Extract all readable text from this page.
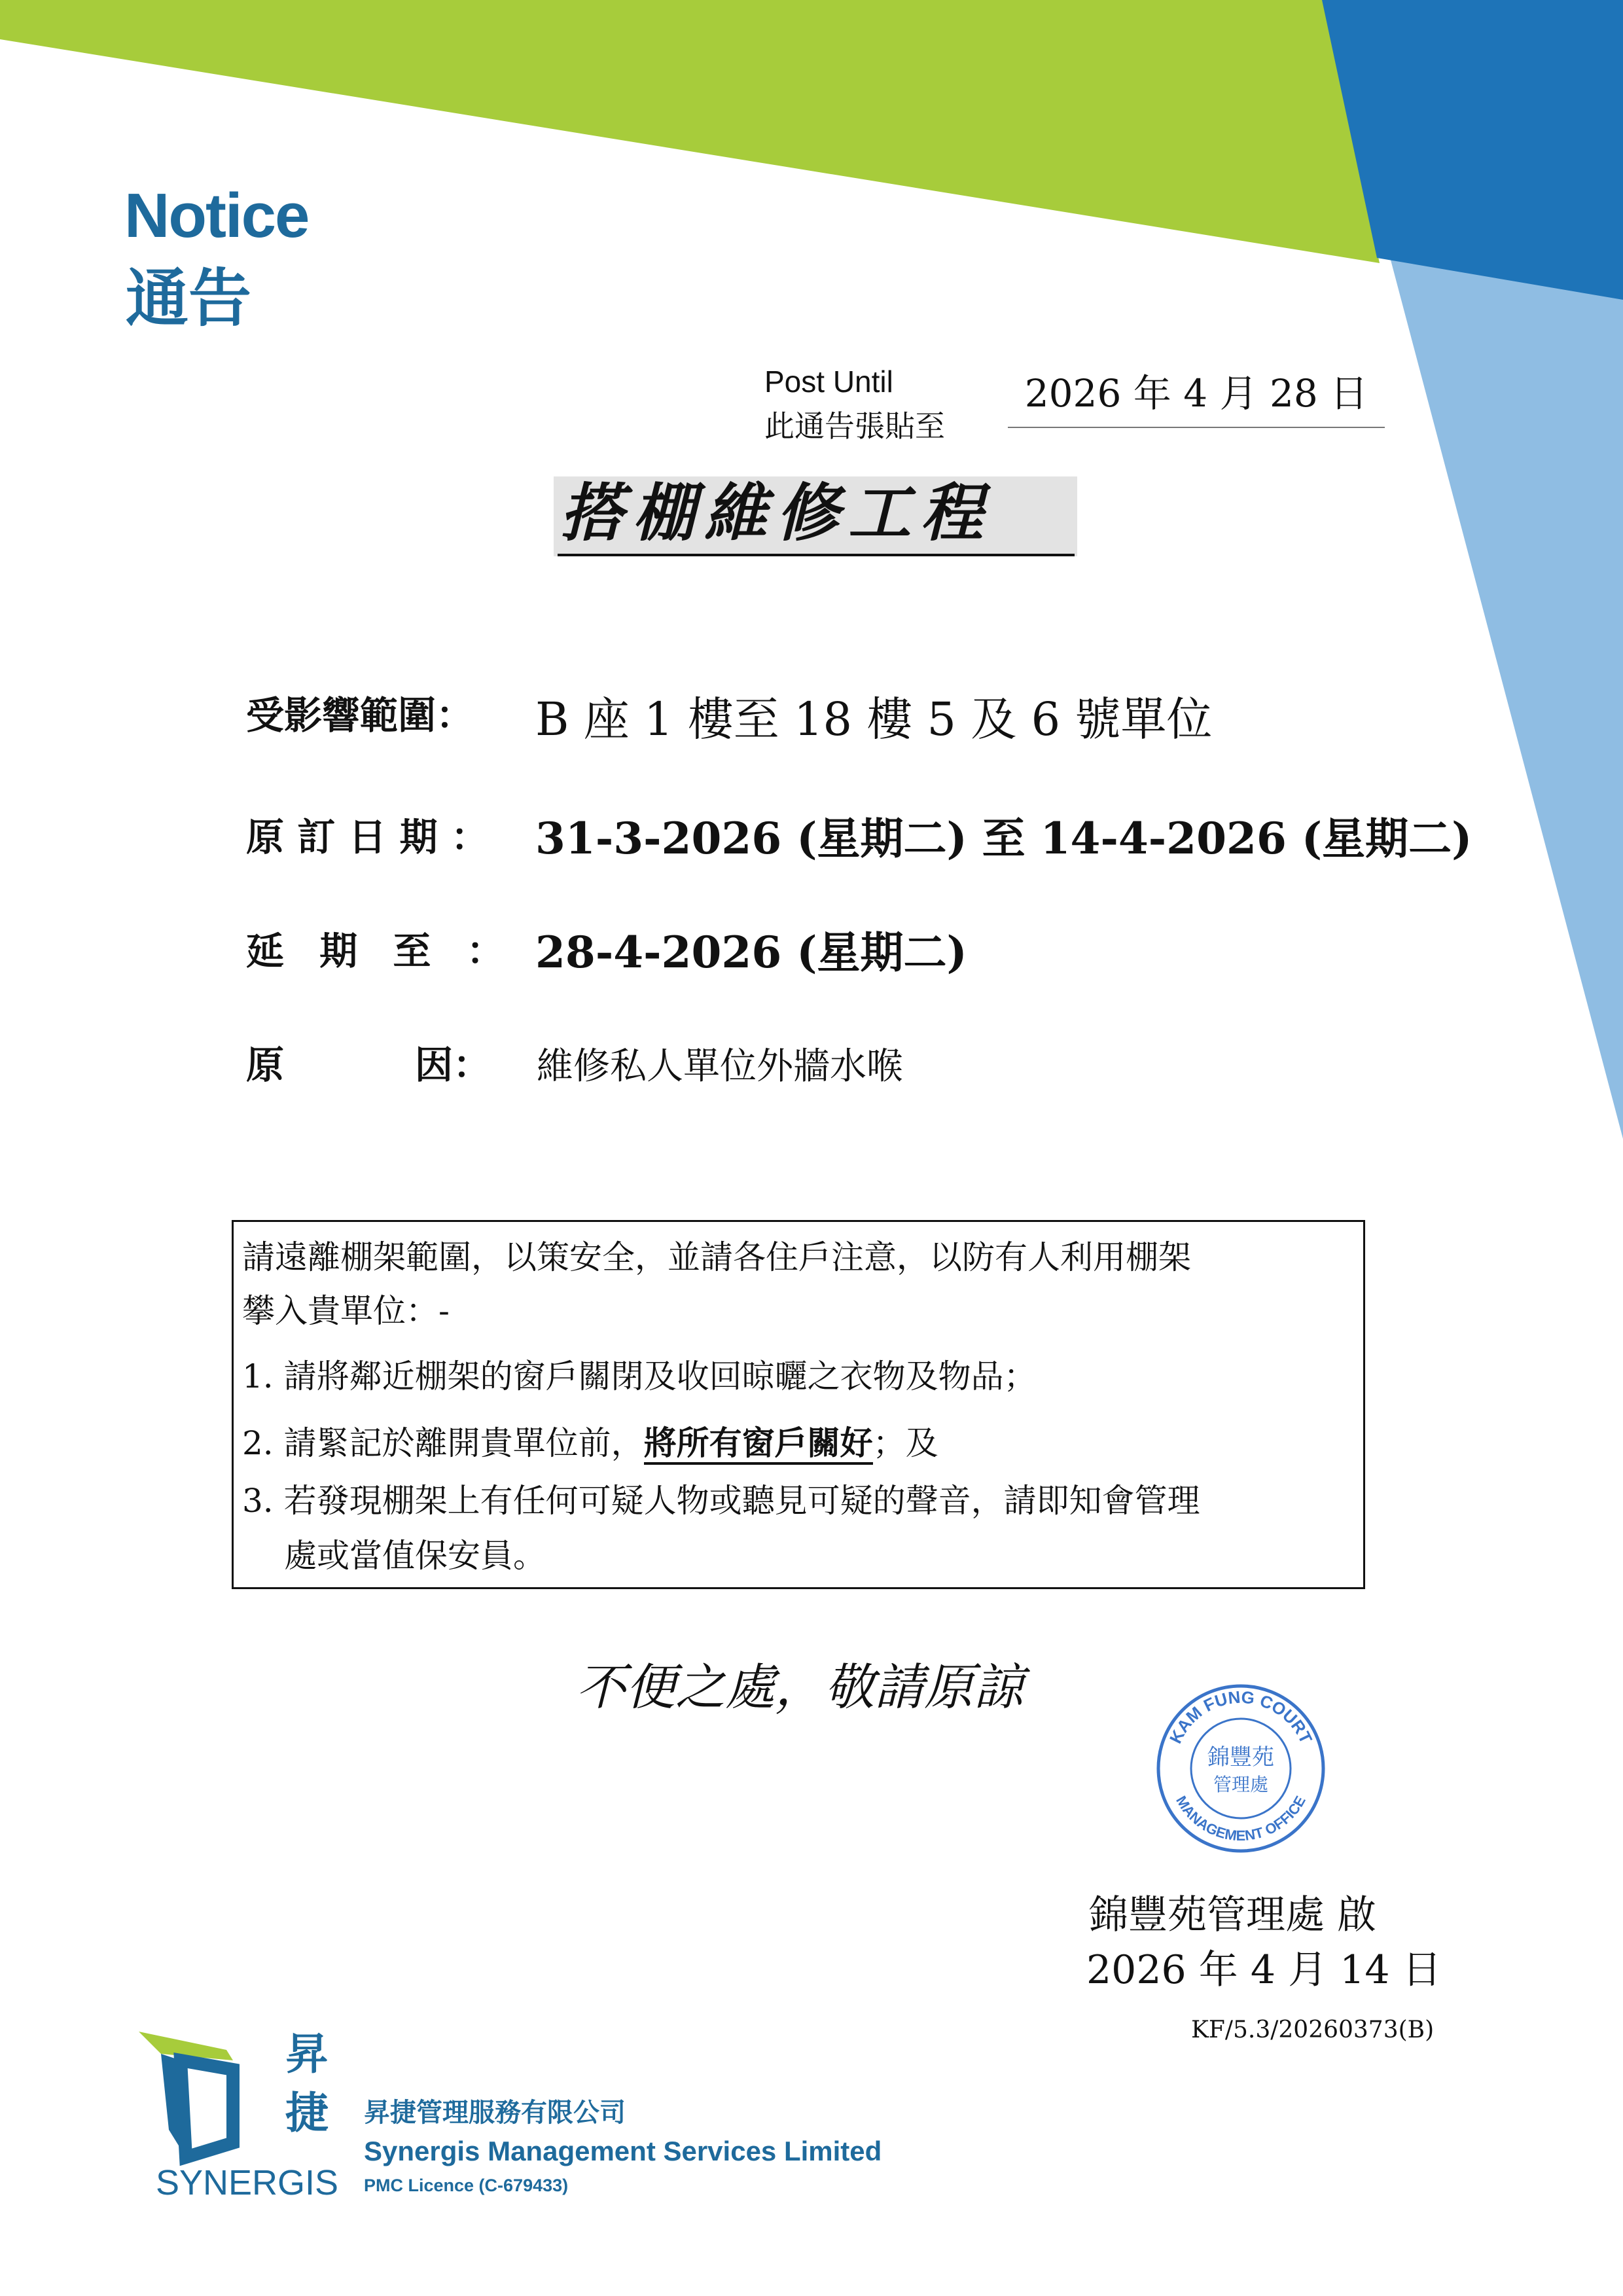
Notice
通告
Post Until
此通告張貼至
2026 年 4 月 28 日
搭棚維修工程
受影響範圍： B 座 1 樓至 18 樓 5 及 6 號單位
原 訂 日 期 ： 31-3-2026 (星期二) 至 14-4-2026 (星期二)
延 期 至 ： 28-4-2026 (星期二)
原	因： 維修私人單位外牆水喉
請遠離棚架範圍，以策安全，並請各住戶注意，以防有人利用棚架
攀入貴單位：-
1. 請將鄰近棚架的窗戶關閉及收回晾曬之衣物及物品；
2. 請緊記於離開貴單位前，將所有窗戶關好；及
3. 若發現棚架上有任何可疑人物或聽見可疑的聲音，請即知會管理
處或當值保安員。
不便之處，敬請原諒
KAM FUNG COURT
MANAGEMENT OFFICE
錦豐苑
管理處
錦豐苑管理處 啟
2026 年 4 月 14 日
KF/5.3/20260373(B)
昇
捷
SYNERGIS
昇捷管理服務有限公司
Synergis Management Services Limited
PMC Licence (C-679433)
